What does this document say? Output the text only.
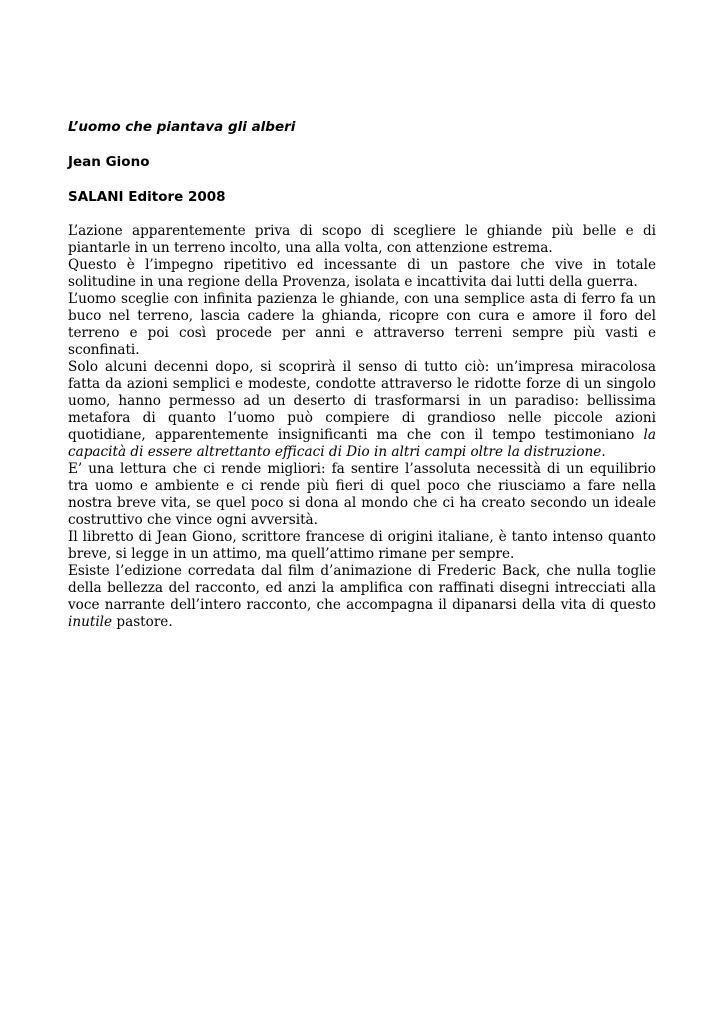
L’uomo che piantava gli alberi

Jean Giono

SALANI Editore 2008

L’azione apparentemente priva di scopo di scegliere le ghiande più belle e di piantarle in un terreno incolto, una alla volta, con attenzione estrema.

Questo è l’impegno ripetitivo ed incessante di un pastore che vive in totale solitudine in una regione della Provenza, isolata e incattivita dai lutti della guerra.

L’uomo sceglie con infinita pazienza le ghiande, con una semplice asta di ferro fa un buco nel terreno, lascia cadere la ghianda, ricopre con cura e amore il foro del terreno e poi così procede per anni e attraverso terreni sempre più vasti e sconfinati.

Solo alcuni decenni dopo, si scoprirà il senso di tutto ciò: un’impresa miracolosa fatta da azioni semplici e modeste, condotte attraverso le ridotte forze di un singolo uomo, hanno permesso ad un deserto di trasformarsi in un paradiso: bellissima metafora di quanto l’uomo può compiere di grandioso nelle piccole azioni quotidiane, apparentemente insignificanti ma che con il tempo testimoniano la capacità di essere altrettanto efficaci di Dio in altri campi oltre la distruzione.

E’ una lettura che ci rende migliori: fa sentire l’assoluta necessità di un equilibrio tra uomo e ambiente e ci rende più fieri di quel poco che riusciamo a fare nella nostra breve vita, se quel poco si dona al mondo che ci ha creato secondo un ideale costruttivo che vince ogni avversità.

Il libretto di Jean Giono, scrittore francese di origini italiane, è tanto intenso quanto breve, si legge in un attimo, ma quell’attimo rimane per sempre.

Esiste l’edizione corredata dal film d’animazione di Frederic Back, che nulla toglie della bellezza del racconto, ed anzi la amplifica con raffinati disegni intrecciati alla voce narrante dell’intero racconto, che accompagna il dipanarsi della vita di questo inutile pastore.
